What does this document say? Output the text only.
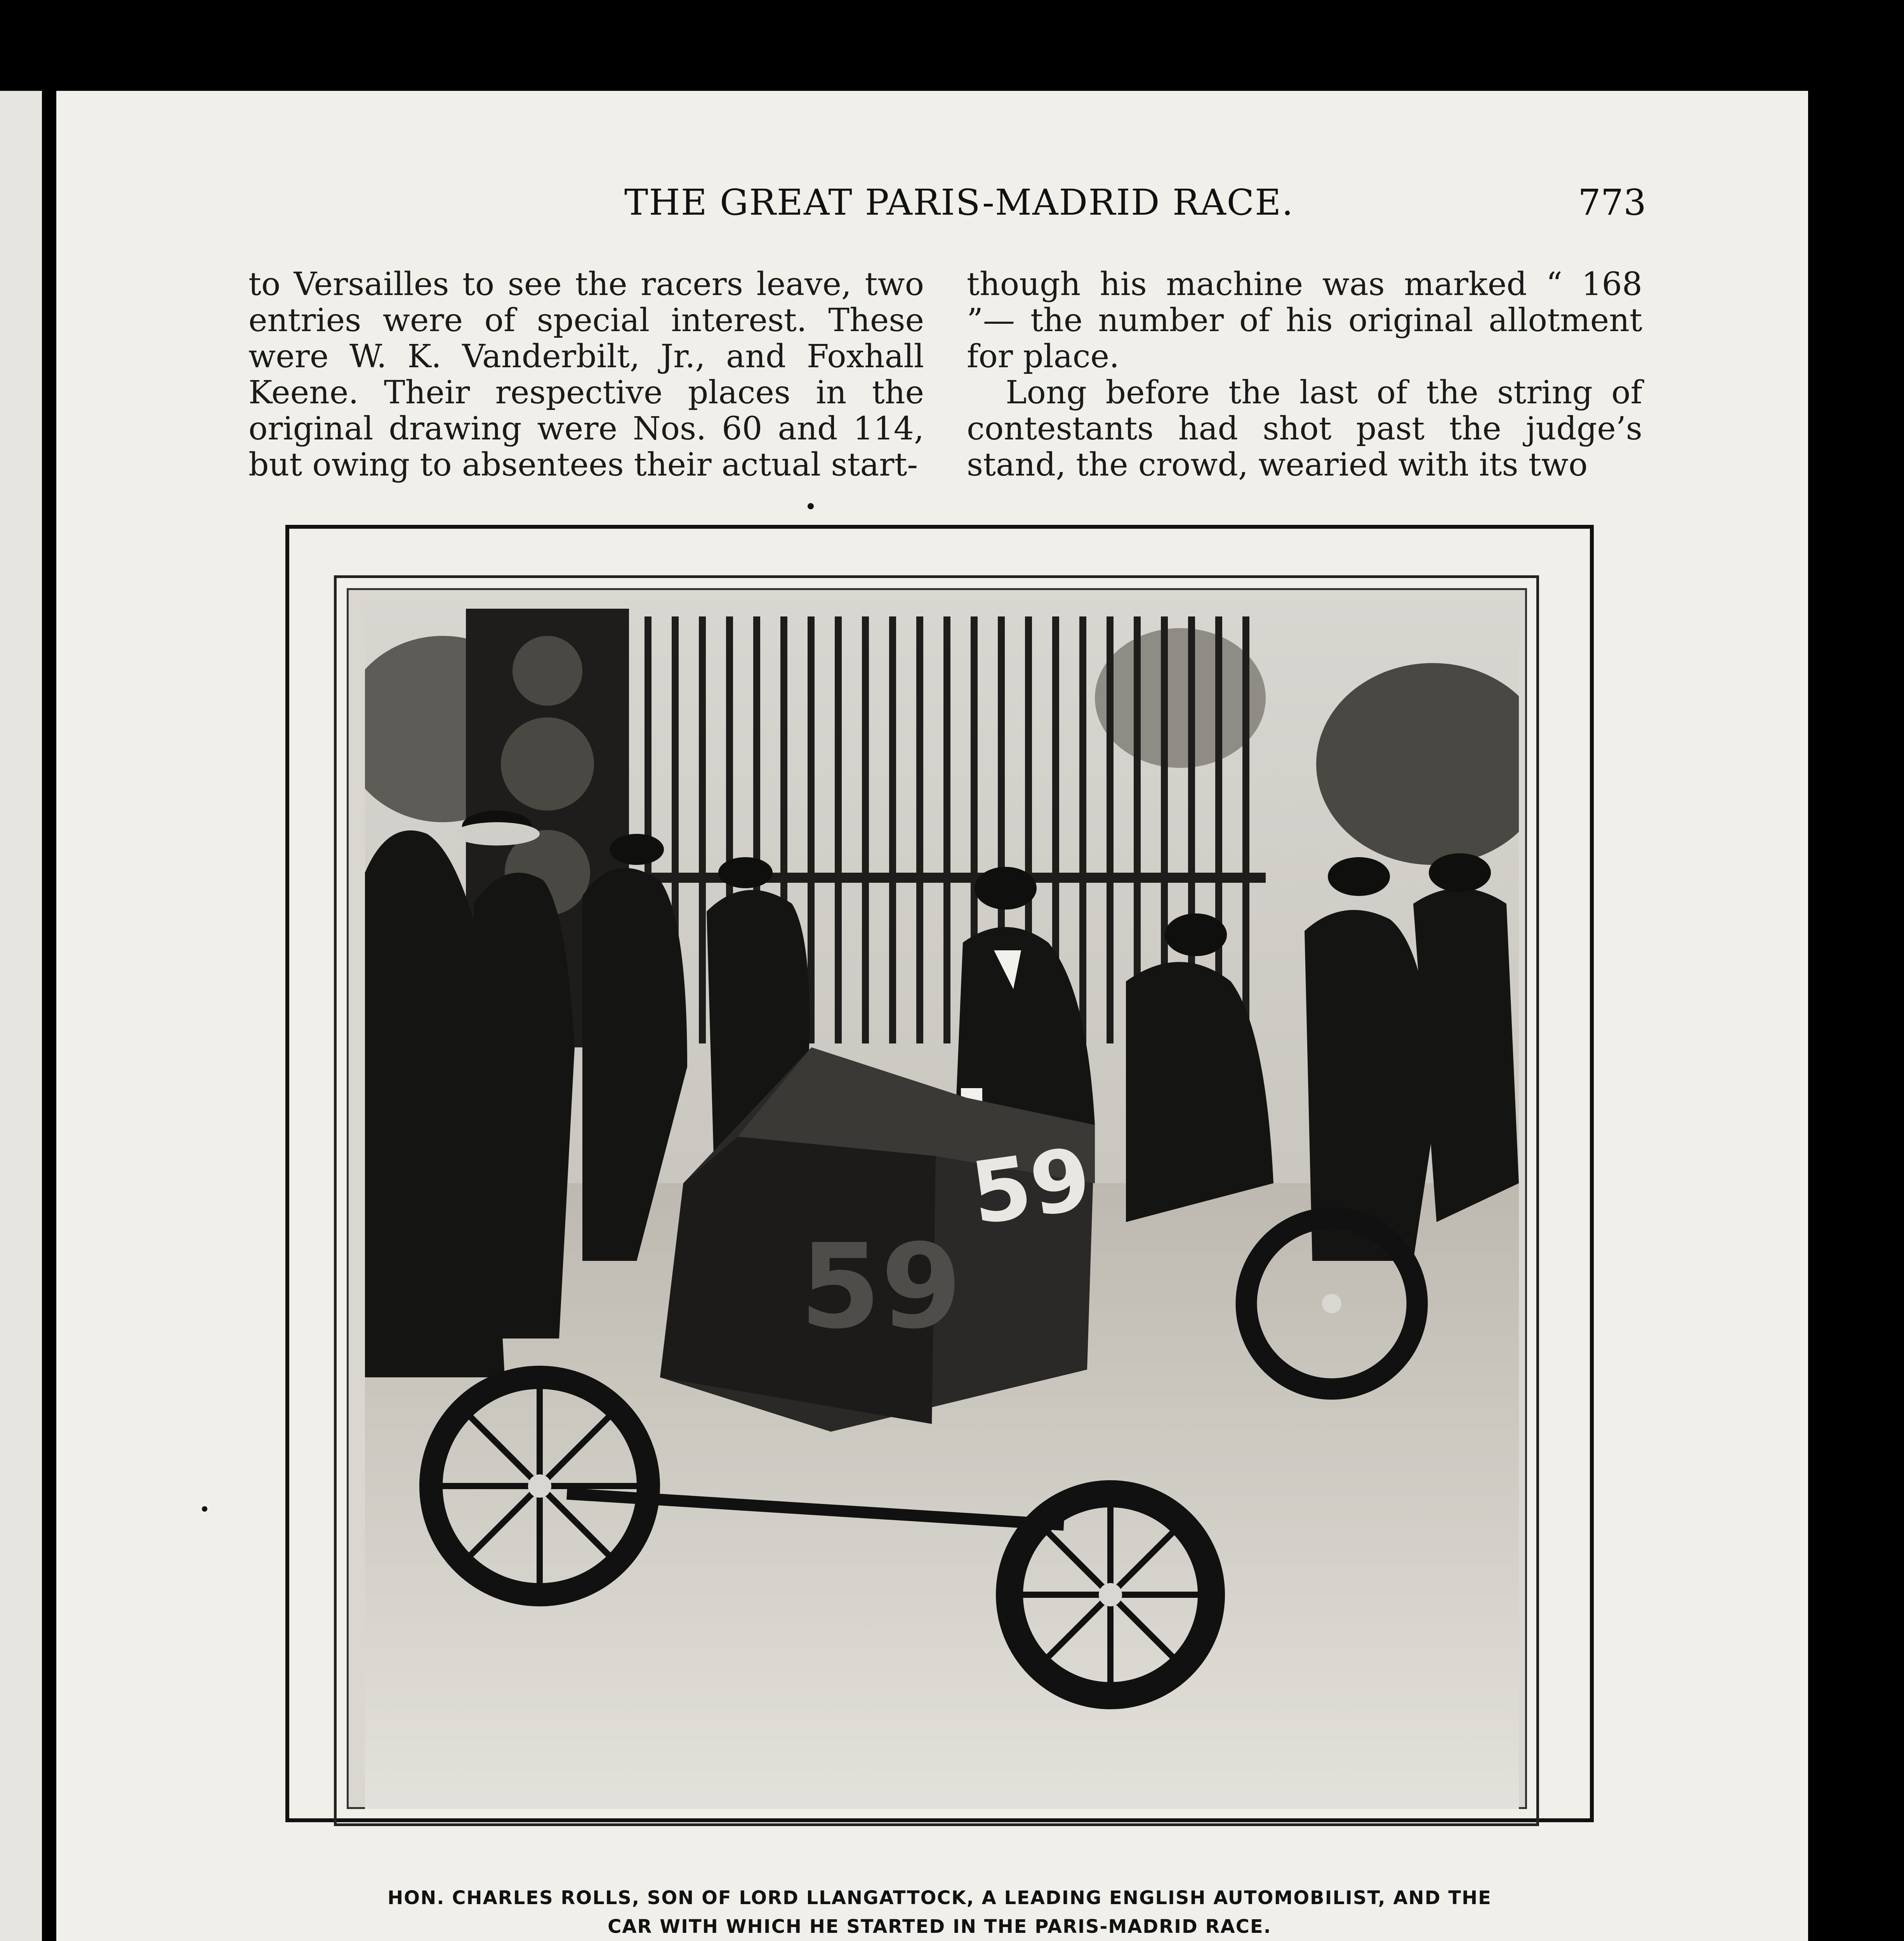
THE GREAT PARIS-MADRID RACE.	773

to Versailles to see the racers leave, two entries were of special interest. These were W. K. Vanderbilt, Jr., and Foxhall Keene. Their respective places in the original drawing were Nos. 60 and 114, but owing to absentees their actual start-

though his machine was marked “ 168 ”— the number of his original allotment for place.

Long before the last of the string of contestants had shot past the judge’s stand, the crowd, wearied with its two

59
59
HON. CHARLES ROLLS, SON OF LORD LLANGATTOCK, A LEADING ENGLISH AUTOMOBILIST, AND THE
CAR WITH WHICH HE STARTED IN THE PARIS-MADRID RACE.
